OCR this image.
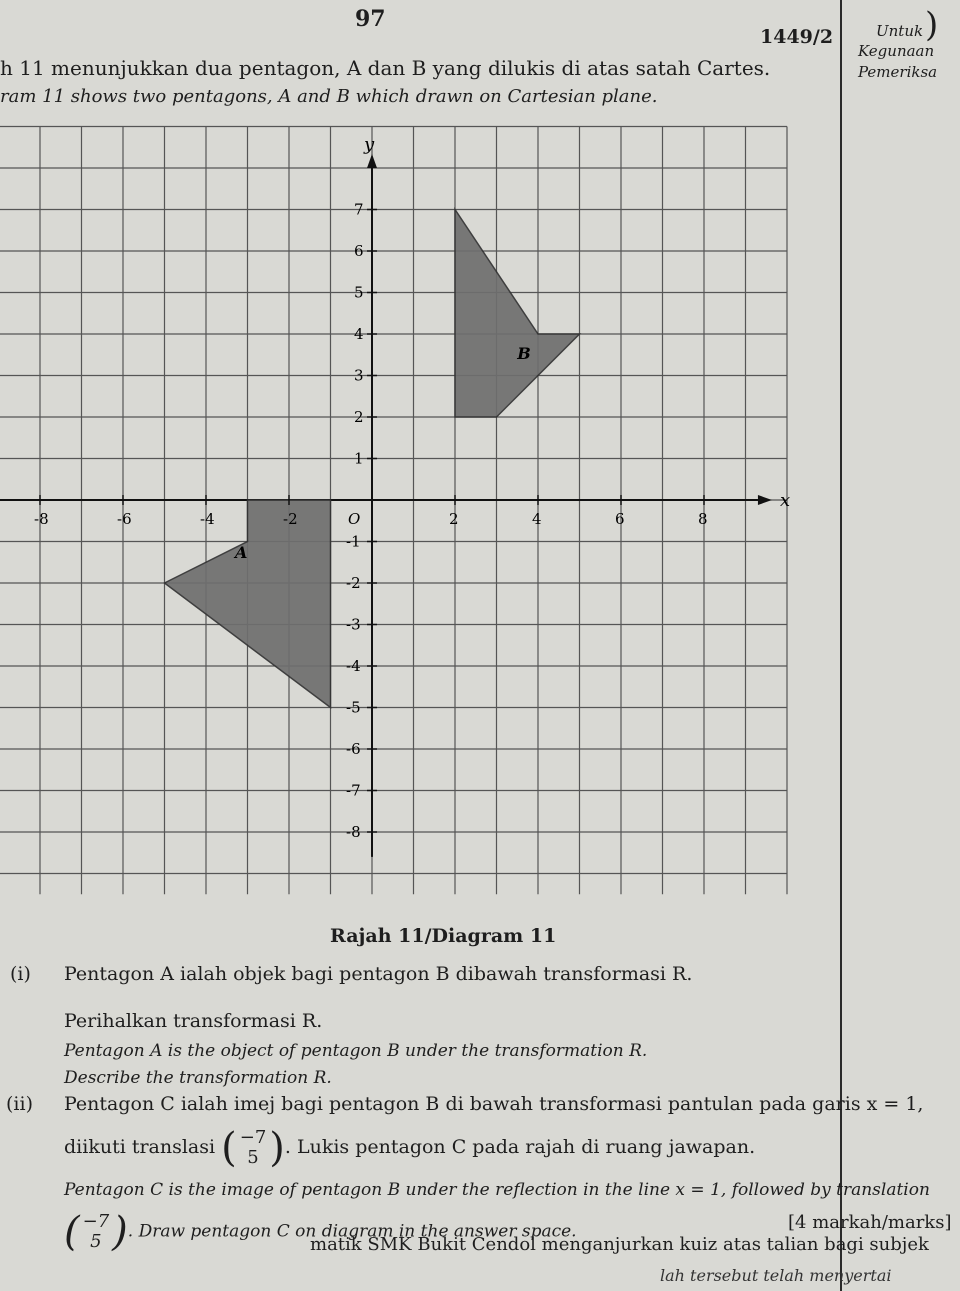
97
1449/2	Untuk
Kegunaan
Pemeriksa
)
h 11 menunjukkan dua pentagon, A dan B yang dilukis di atas satah Cartes.
ram 11 shows two pentagons, A and B which drawn on Cartesian plane.
x
y
A
B
-8	-6	-4	-2	O	2	4	6	8
7
6
5
4
3
2
1
-1
-2
-3
-4
-5
-6
-7
-8
Rajah 11/Diagram 11
(i) Pentagon A ialah objek bagi pentagon B dibawah transformasi R.
Perihalkan transformasi R.
Pentagon A is the object of pentagon B under the transformation R.
Describe the transformation R.
(ii) Pentagon C ialah imej bagi pentagon B di bawah transformasi pantulan pada garis x = 1,
diikuti translasi ( −7
5 ). Lukis pentagon C pada rajah di ruang jawapan.
Pentagon C is the image of pentagon B under the reflection in the line x = 1, followed by translation
( −7
5 ). Draw pentagon C on diagram in the answer space.	[4 markah/marks]
matik SMK Bukit Cendol menganjurkan kuiz atas talian bagi subjek
lah tersebut telah menyertai
